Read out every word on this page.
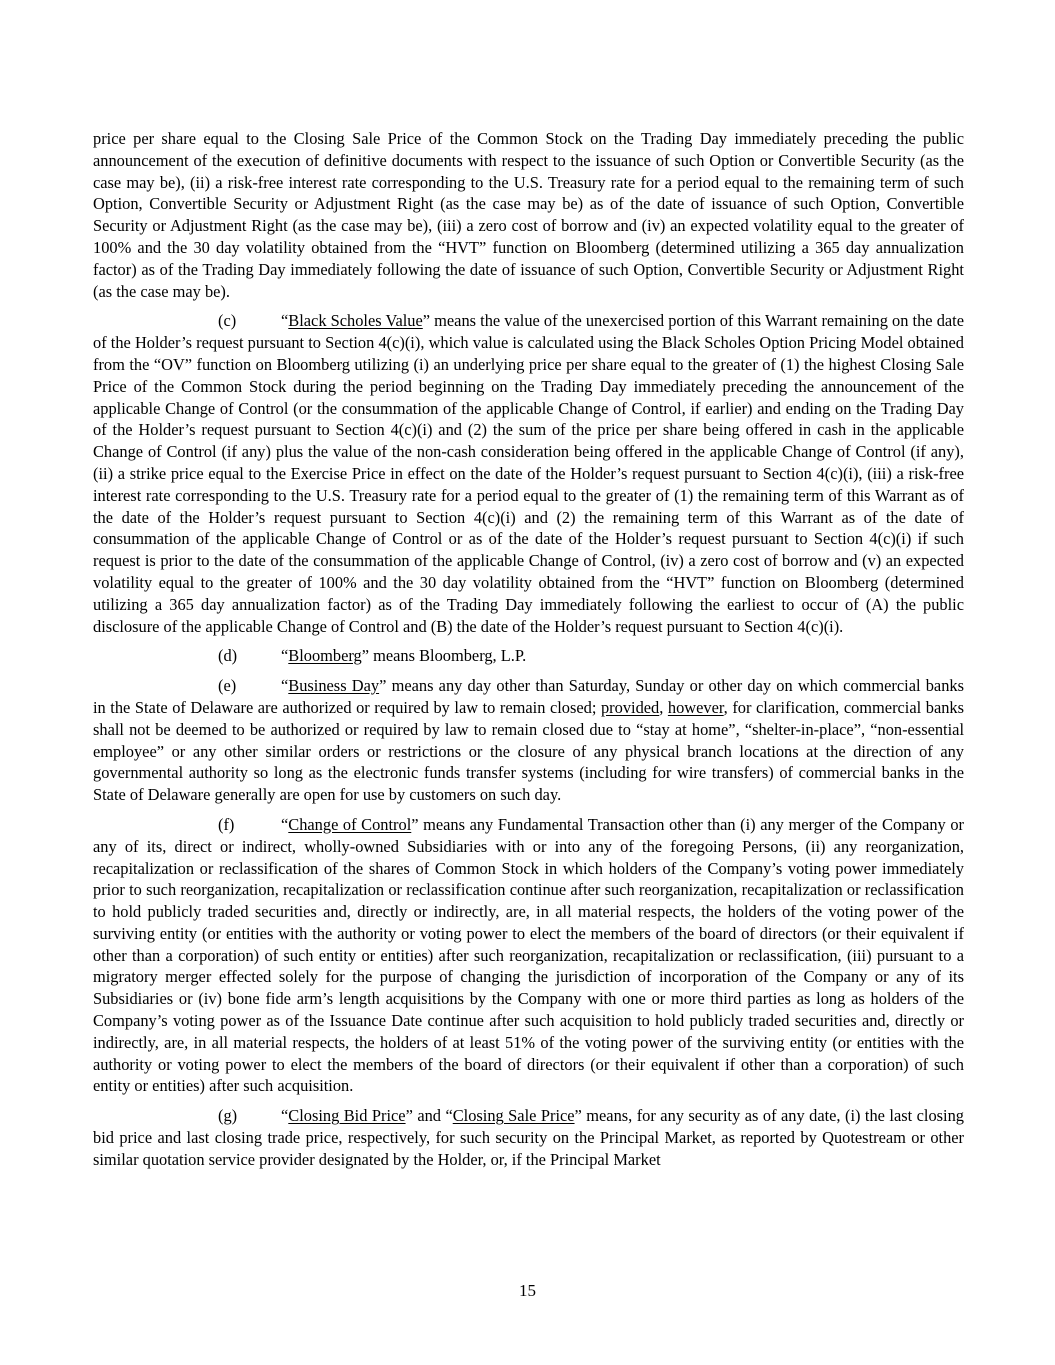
price per share equal to the Closing Sale Price of the Common Stock on the Trading Day immediately preceding the public announcement of the execution of definitive documents with respect to the issuance of such Option or Convertible Security (as the case may be), (ii) a risk-free interest rate corresponding to the U.S. Treasury rate for a period equal to the remaining term of such Option, Convertible Security or Adjustment Right (as the case may be) as of the date of issuance of such Option, Convertible Security or Adjustment Right (as the case may be), (iii) a zero cost of borrow and (iv) an expected volatility equal to the greater of 100% and the 30 day volatility obtained from the “HVT” function on Bloomberg (determined utilizing a 365 day annualization factor) as of the Trading Day immediately following the date of issuance of such Option, Convertible Security or Adjustment Right (as the case may be).

(c)	“Black Scholes Value” means the value of the unexercised portion of this Warrant remaining on the date of the Holder’s request pursuant to Section 4(c)(i), which value is calculated using the Black Scholes Option Pricing Model obtained from the “OV” function on Bloomberg utilizing (i) an underlying price per share equal to the greater of (1) the highest Closing Sale Price of the Common Stock during the period beginning on the Trading Day immediately preceding the announcement of the applicable Change of Control (or the consummation of the applicable Change of Control, if earlier) and ending on the Trading Day of the Holder’s request pursuant to Section 4(c)(i) and (2) the sum of the price per share being offered in cash in the applicable Change of Control (if any) plus the value of the non-cash consideration being offered in the applicable Change of Control (if any), (ii) a strike price equal to the Exercise Price in effect on the date of the Holder’s request pursuant to Section 4(c)(i), (iii) a risk-free interest rate corresponding to the U.S. Treasury rate for a period equal to the greater of (1) the remaining term of this Warrant as of the date of the Holder’s request pursuant to Section 4(c)(i) and (2) the remaining term of this Warrant as of the date of consummation of the applicable Change of Control or as of the date of the Holder’s request pursuant to Section 4(c)(i) if such request is prior to the date of the consummation of the applicable Change of Control, (iv) a zero cost of borrow and (v) an expected volatility equal to the greater of 100% and the 30 day volatility obtained from the “HVT” function on Bloomberg (determined utilizing a 365 day annualization factor) as of the Trading Day immediately following the earliest to occur of (A) the public disclosure of the applicable Change of Control and (B) the date of the Holder’s request pursuant to Section 4(c)(i).

(d)	“Bloomberg” means Bloomberg, L.P.

(e)	“Business Day” means any day other than Saturday, Sunday or other day on which commercial banks in the State of Delaware are authorized or required by law to remain closed; provided, however, for clarification, commercial banks shall not be deemed to be authorized or required by law to remain closed due to “stay at home”, “shelter-in-place”, “non-essential employee” or any other similar orders or restrictions or the closure of any physical branch locations at the direction of any governmental authority so long as the electronic funds transfer systems (including for wire transfers) of commercial banks in the State of Delaware generally are open for use by customers on such day.

(f)	“Change of Control” means any Fundamental Transaction other than (i) any merger of the Company or any of its, direct or indirect, wholly-owned Subsidiaries with or into any of the foregoing Persons, (ii) any reorganization, recapitalization or reclassification of the shares of Common Stock in which holders of the Company’s voting power immediately prior to such reorganization, recapitalization or reclassification continue after such reorganization, recapitalization or reclassification to hold publicly traded securities and, directly or indirectly, are, in all material respects, the holders of the voting power of the surviving entity (or entities with the authority or voting power to elect the members of the board of directors (or their equivalent if other than a corporation) of such entity or entities) after such reorganization, recapitalization or reclassification, (iii) pursuant to a migratory merger effected solely for the purpose of changing the jurisdiction of incorporation of the Company or any of its Subsidiaries or (iv) bone fide arm’s length acquisitions by the Company with one or more third parties as long as holders of the Company’s voting power as of the Issuance Date continue after such acquisition to hold publicly traded securities and, directly or indirectly, are, in all material respects, the holders of at least 51% of the voting power of the surviving entity (or entities with the authority or voting power to elect the members of the board of directors (or their equivalent if other than a corporation) of such entity or entities) after such acquisition.

(g)	“Closing Bid Price” and “Closing Sale Price” means, for any security as of any date, (i) the last closing bid price and last closing trade price, respectively, for such security on the Principal Market, as reported by Quotestream or other similar quotation service provider designated by the Holder, or, if the Principal Market

15
